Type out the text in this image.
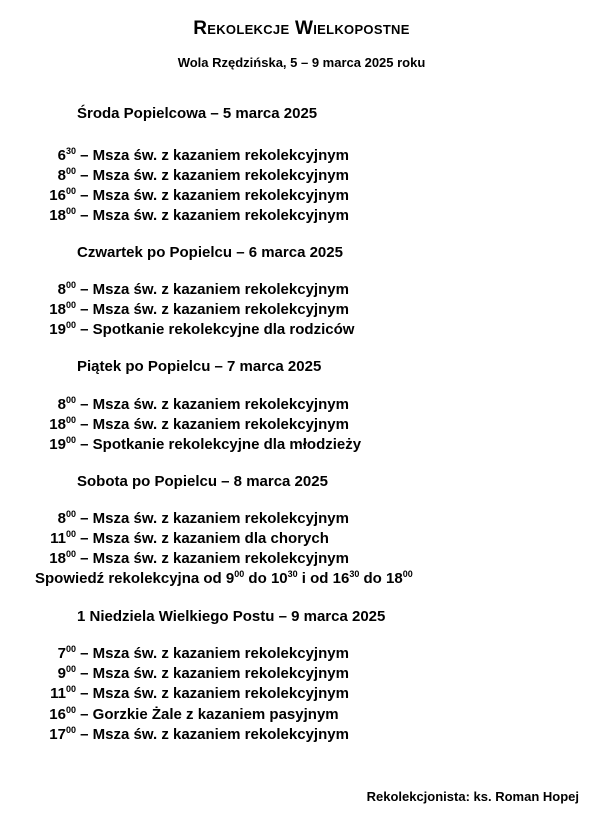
Rekolekcje Wielkopostne
Wola Rzędzińska, 5 – 9 marca 2025 roku
Środa Popielcowa – 5 marca 2025
$6^{30}$ – Msza św. z kazaniem rekolekcyjnym
$8^{00}$ – Msza św. z kazaniem rekolekcyjnym
$16^{00}$ – Msza św. z kazaniem rekolekcyjnym
$18^{00}$ – Msza św. z kazaniem rekolekcyjnym
Czwartek po Popielcu – 6 marca 2025
$8^{00}$ – Msza św. z kazaniem rekolekcyjnym
$18^{00}$ – Msza św. z kazaniem rekolekcyjnym
$19^{00}$ – Spotkanie rekolekcyjne dla rodziców
Piątek po Popielcu – 7 marca 2025
$8^{00}$ – Msza św. z kazaniem rekolekcyjnym
$18^{00}$ – Msza św. z kazaniem rekolekcyjnym
$19^{00}$ – Spotkanie rekolekcyjne dla młodzieży
Sobota po Popielcu – 8 marca 2025
$8^{00}$ – Msza św. z kazaniem rekolekcyjnym
$11^{00}$ – Msza św. z kazaniem dla chorych
$18^{00}$ – Msza św. z kazaniem rekolekcyjnym
Spowiedź rekolekcyjna od $9^{00}$ do $10^{30}$ i od $16^{30}$ do $18^{00}$
1 Niedziela Wielkiego Postu – 9 marca 2025
$7^{00}$ – Msza św. z kazaniem rekolekcyjnym
$9^{00}$ – Msza św. z kazaniem rekolekcyjnym
$11^{00}$ – Msza św. z kazaniem rekolekcyjnym
$16^{00}$ – Gorzkie Żale z kazaniem pasyjnym
$17^{00}$ – Msza św. z kazaniem rekolekcyjnym
Rekolekcjonista: ks. Roman Hopej
